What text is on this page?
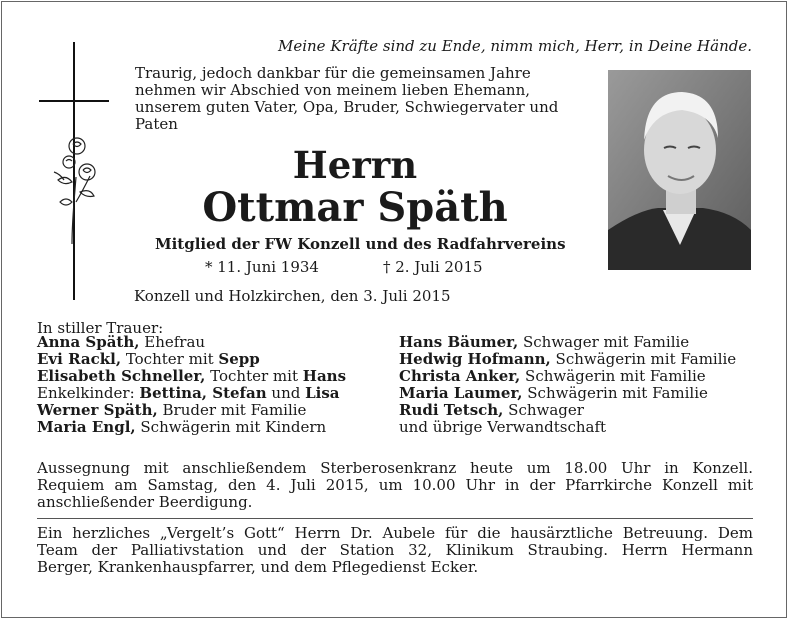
Meine Kräfte sind zu Ende, nimm mich, Herr, in Deine Hände.
Traurig, jedoch dankbar für die gemeinsamen Jahre
nehmen wir Abschied von meinem lieben Ehemann,
unserem guten Vater, Opa, Bruder, Schwiegervater und
Paten
Herrn
Ottmar Späth
Mitglied der FW Konzell und des Radfahrvereins
* 11. Juni 1934	† 2. Juli 2015
Konzell und Holzkirchen, den 3. Juli 2015
In stiller Trauer:
Anna Späth, Ehefrau
Evi Rackl, Tochter mit Sepp
Elisabeth Schneller, Tochter mit Hans
Enkelkinder: Bettina, Stefan und Lisa
Werner Späth, Bruder mit Familie
Maria Engl, Schwägerin mit Kindern
Hans Bäumer, Schwager mit Familie
Hedwig Hofmann, Schwägerin mit Familie
Christa Anker, Schwägerin mit Familie
Maria Laumer, Schwägerin mit Familie
Rudi Tetsch, Schwager
und übrige Verwandtschaft
Aussegnung mit anschließendem Sterberosenkranz heute um 18.00 Uhr in Konzell.
Requiem am Samstag, den 4. Juli 2015, um 10.00 Uhr in der Pfarrkirche Konzell mit
anschließender Beerdigung.
Ein herzliches „Vergelt’s Gott“ Herrn Dr. Aubele für die hausärztliche Betreuung. Dem
Team der Palliativstation und der Station 32, Klinikum Straubing. Herrn Hermann
Berger, Krankenhauspfarrer, und dem Pflegedienst Ecker.
